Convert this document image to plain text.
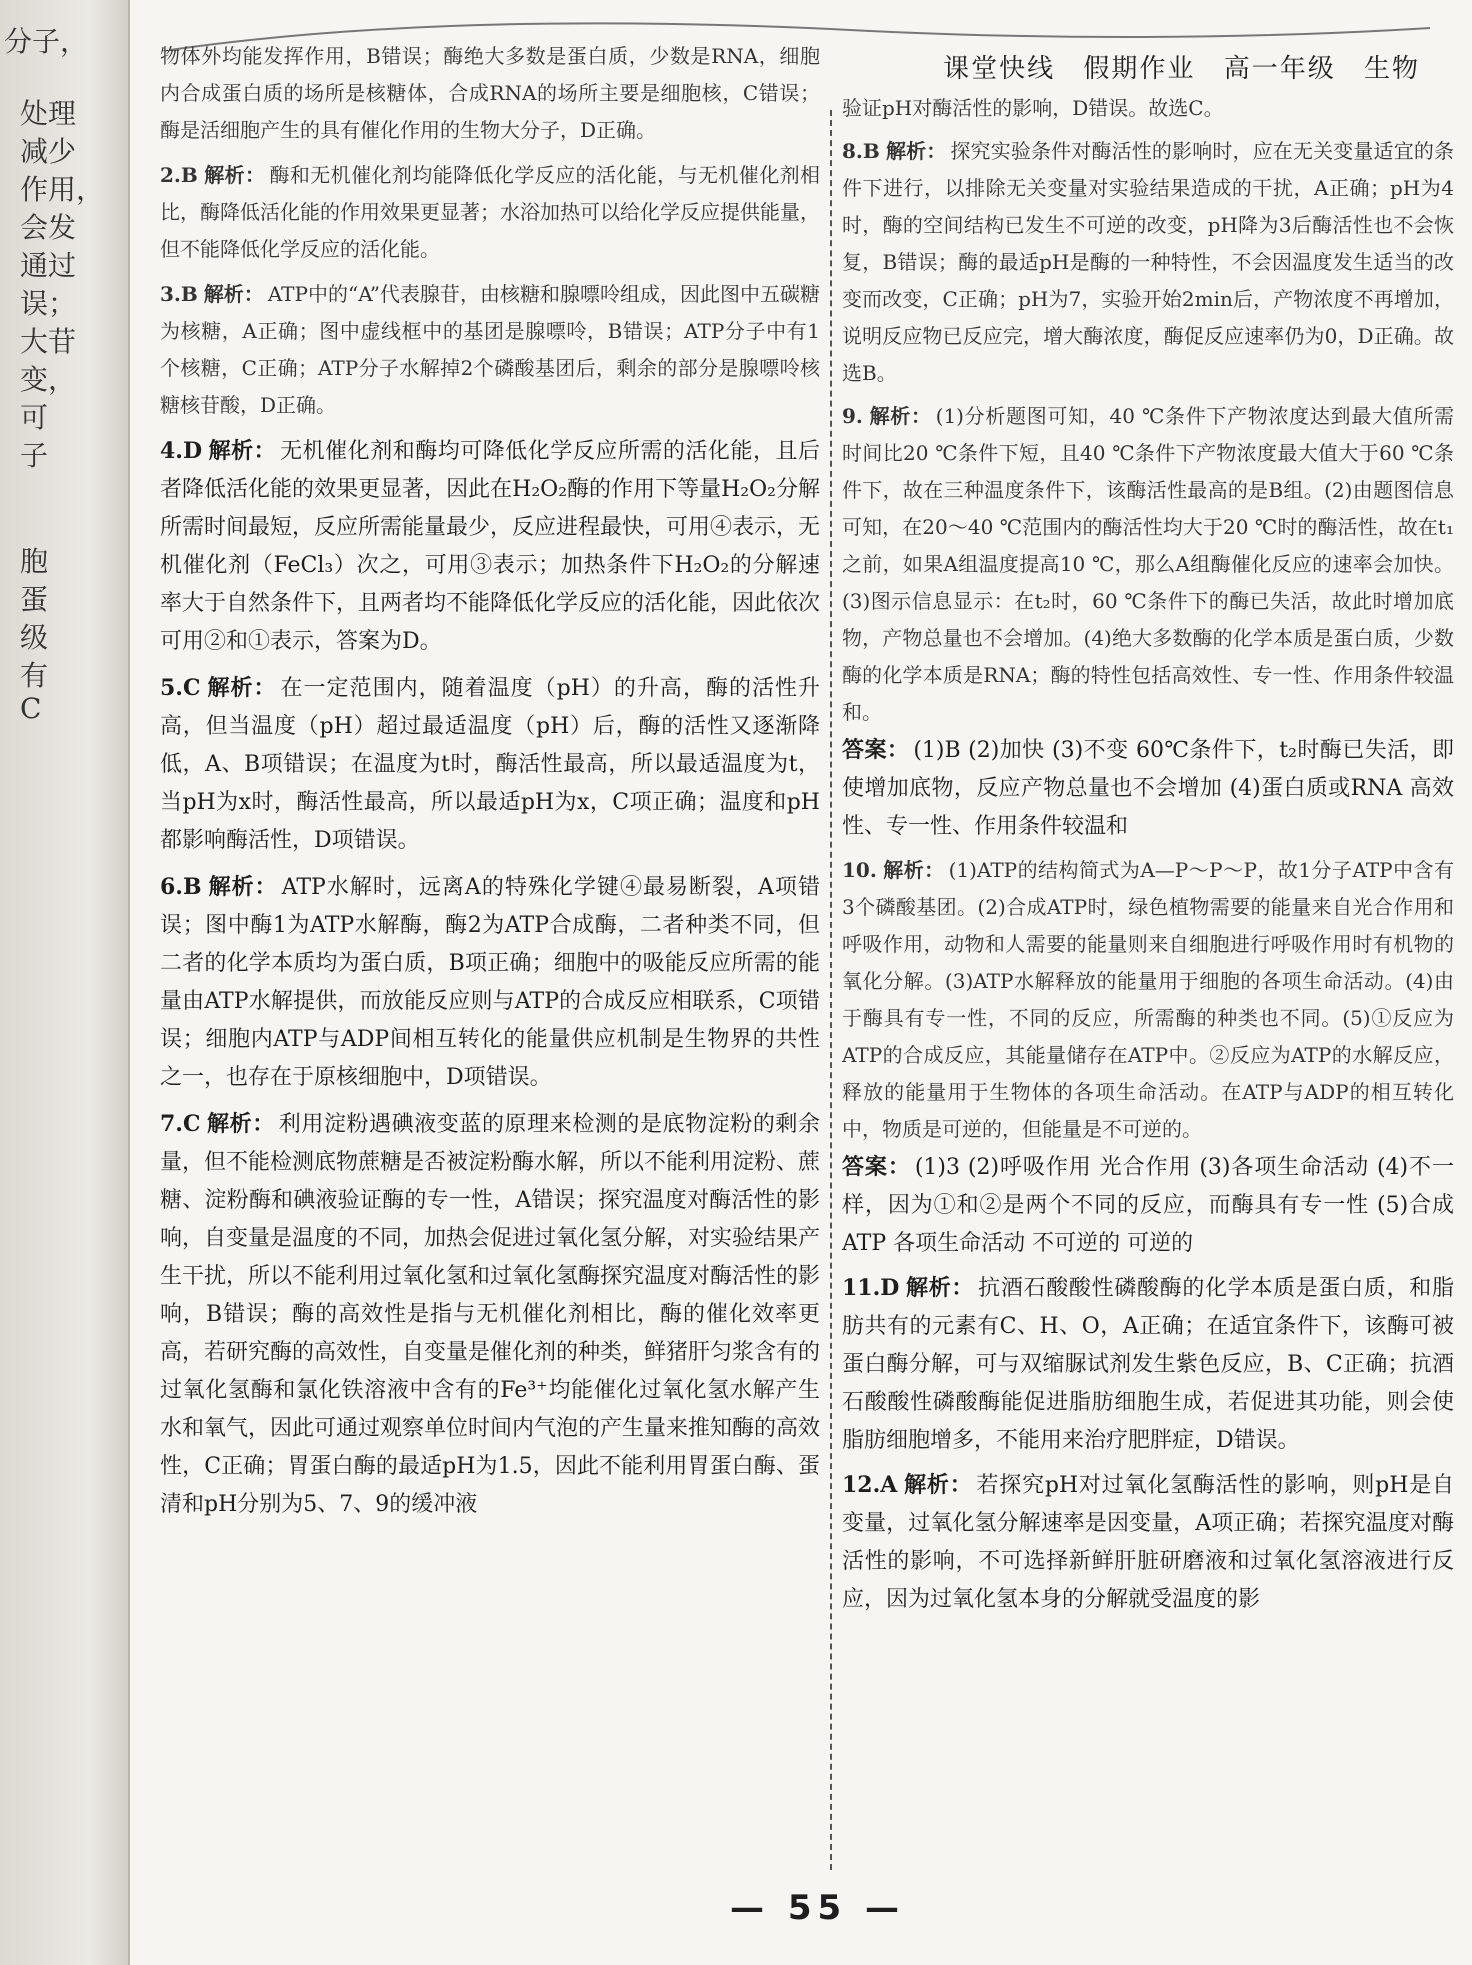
分子，
处理
减少
作用，
会发
通过
误；
大苷
变，
可
子
胞
蛋
级
有
C
课堂快线 假期作业 高一年级 生物

物体外均能发挥作用，B错误；酶绝大多数是蛋白质，少数是RNA，细胞内合成蛋白质的场所是核糖体，合成RNA的场所主要是细胞核，C错误；酶是活细胞产生的具有催化作用的生物大分子，D正确。

2.B 解析： 酶和无机催化剂均能降低化学反应的活化能，与无机催化剂相比，酶降低活化能的作用效果更显著；水浴加热可以给化学反应提供能量，但不能降低化学反应的活化能。

3.B 解析： ATP中的“A”代表腺苷，由核糖和腺嘌呤组成，因此图中五碳糖为核糖，A正确；图中虚线框中的基团是腺嘌呤，B错误；ATP分子中有1个核糖，C正确；ATP分子水解掉2个磷酸基团后，剩余的部分是腺嘌呤核糖核苷酸，D正确。

4.D 解析： 无机催化剂和酶均可降低化学反应所需的活化能，且后者降低活化能的效果更显著，因此在H₂O₂酶的作用下等量H₂O₂分解所需时间最短，反应所需能量最少，反应进程最快，可用④表示，无机催化剂（FeCl₃）次之，可用③表示；加热条件下H₂O₂的分解速率大于自然条件下，且两者均不能降低化学反应的活化能，因此依次可用②和①表示，答案为D。

5.C 解析： 在一定范围内，随着温度（pH）的升高，酶的活性升高，但当温度（pH）超过最适温度（pH）后，酶的活性又逐渐降低，A、B项错误；在温度为t时，酶活性最高，所以最适温度为t，当pH为x时，酶活性最高，所以最适pH为x，C项正确；温度和pH都影响酶活性，D项错误。

6.B 解析： ATP水解时，远离A的特殊化学键④最易断裂，A项错误；图中酶1为ATP水解酶，酶2为ATP合成酶，二者种类不同，但二者的化学本质均为蛋白质，B项正确；细胞中的吸能反应所需的能量由ATP水解提供，而放能反应则与ATP的合成反应相联系，C项错误；细胞内ATP与ADP间相互转化的能量供应机制是生物界的共性之一，也存在于原核细胞中，D项错误。

7.C 解析： 利用淀粉遇碘液变蓝的原理来检测的是底物淀粉的剩余量，但不能检测底物蔗糖是否被淀粉酶水解，所以不能利用淀粉、蔗糖、淀粉酶和碘液验证酶的专一性，A错误；探究温度对酶活性的影响，自变量是温度的不同，加热会促进过氧化氢分解，对实验结果产生干扰，所以不能利用过氧化氢和过氧化氢酶探究温度对酶活性的影响，B错误；酶的高效性是指与无机催化剂相比，酶的催化效率更高，若研究酶的高效性，自变量是催化剂的种类，鲜猪肝匀浆含有的过氧化氢酶和氯化铁溶液中含有的Fe³⁺均能催化过氧化氢水解产生水和氧气，因此可通过观察单位时间内气泡的产生量来推知酶的高效性，C正确；胃蛋白酶的最适pH为1.5，因此不能利用胃蛋白酶、蛋清和pH分别为5、7、9的缓冲液

验证pH对酶活性的影响，D错误。故选C。

8.B 解析： 探究实验条件对酶活性的影响时，应在无关变量适宜的条件下进行，以排除无关变量对实验结果造成的干扰，A正确；pH为4时，酶的空间结构已发生不可逆的改变，pH降为3后酶活性也不会恢复，B错误；酶的最适pH是酶的一种特性，不会因温度发生适当的改变而改变，C正确；pH为7，实验开始2min后，产物浓度不再增加，说明反应物已反应完，增大酶浓度，酶促反应速率仍为0，D正确。故选B。

9. 解析： (1)分析题图可知，40 ℃条件下产物浓度达到最大值所需时间比20 ℃条件下短，且40 ℃条件下产物浓度最大值大于60 ℃条件下，故在三种温度条件下，该酶活性最高的是B组。(2)由题图信息可知，在20～40 ℃范围内的酶活性均大于20 ℃时的酶活性，故在t₁之前，如果A组温度提高10 ℃，那么A组酶催化反应的速率会加快。(3)图示信息显示：在t₂时，60 ℃条件下的酶已失活，故此时增加底物，产物总量也不会增加。(4)绝大多数酶的化学本质是蛋白质，少数酶的化学本质是RNA；酶的特性包括高效性、专一性、作用条件较温和。

答案： (1)B (2)加快 (3)不变 60℃条件下，t₂时酶已失活，即使增加底物，反应产物总量也不会增加 (4)蛋白质或RNA 高效性、专一性、作用条件较温和

10. 解析： (1)ATP的结构简式为A—P～P～P，故1分子ATP中含有3个磷酸基团。(2)合成ATP时，绿色植物需要的能量来自光合作用和呼吸作用，动物和人需要的能量则来自细胞进行呼吸作用时有机物的氧化分解。(3)ATP水解释放的能量用于细胞的各项生命活动。(4)由于酶具有专一性，不同的反应，所需酶的种类也不同。(5)①反应为ATP的合成反应，其能量储存在ATP中。②反应为ATP的水解反应，释放的能量用于生物体的各项生命活动。在ATP与ADP的相互转化中，物质是可逆的，但能量是不可逆的。

答案： (1)3 (2)呼吸作用 光合作用 (3)各项生命活动 (4)不一样，因为①和②是两个不同的反应，而酶具有专一性 (5)合成ATP 各项生命活动 不可逆的 可逆的

11.D 解析： 抗酒石酸酸性磷酸酶的化学本质是蛋白质，和脂肪共有的元素有C、H、O，A正确；在适宜条件下，该酶可被蛋白酶分解，可与双缩脲试剂发生紫色反应，B、C正确；抗酒石酸酸性磷酸酶能促进脂肪细胞生成，若促进其功能，则会使脂肪细胞增多，不能用来治疗肥胖症，D错误。

12.A 解析： 若探究pH对过氧化氢酶活性的影响，则pH是自变量，过氧化氢分解速率是因变量，A项正确；若探究温度对酶活性的影响，不可选择新鲜肝脏研磨液和过氧化氢溶液进行反应，因为过氧化氢本身的分解就受温度的影

— 55 —
